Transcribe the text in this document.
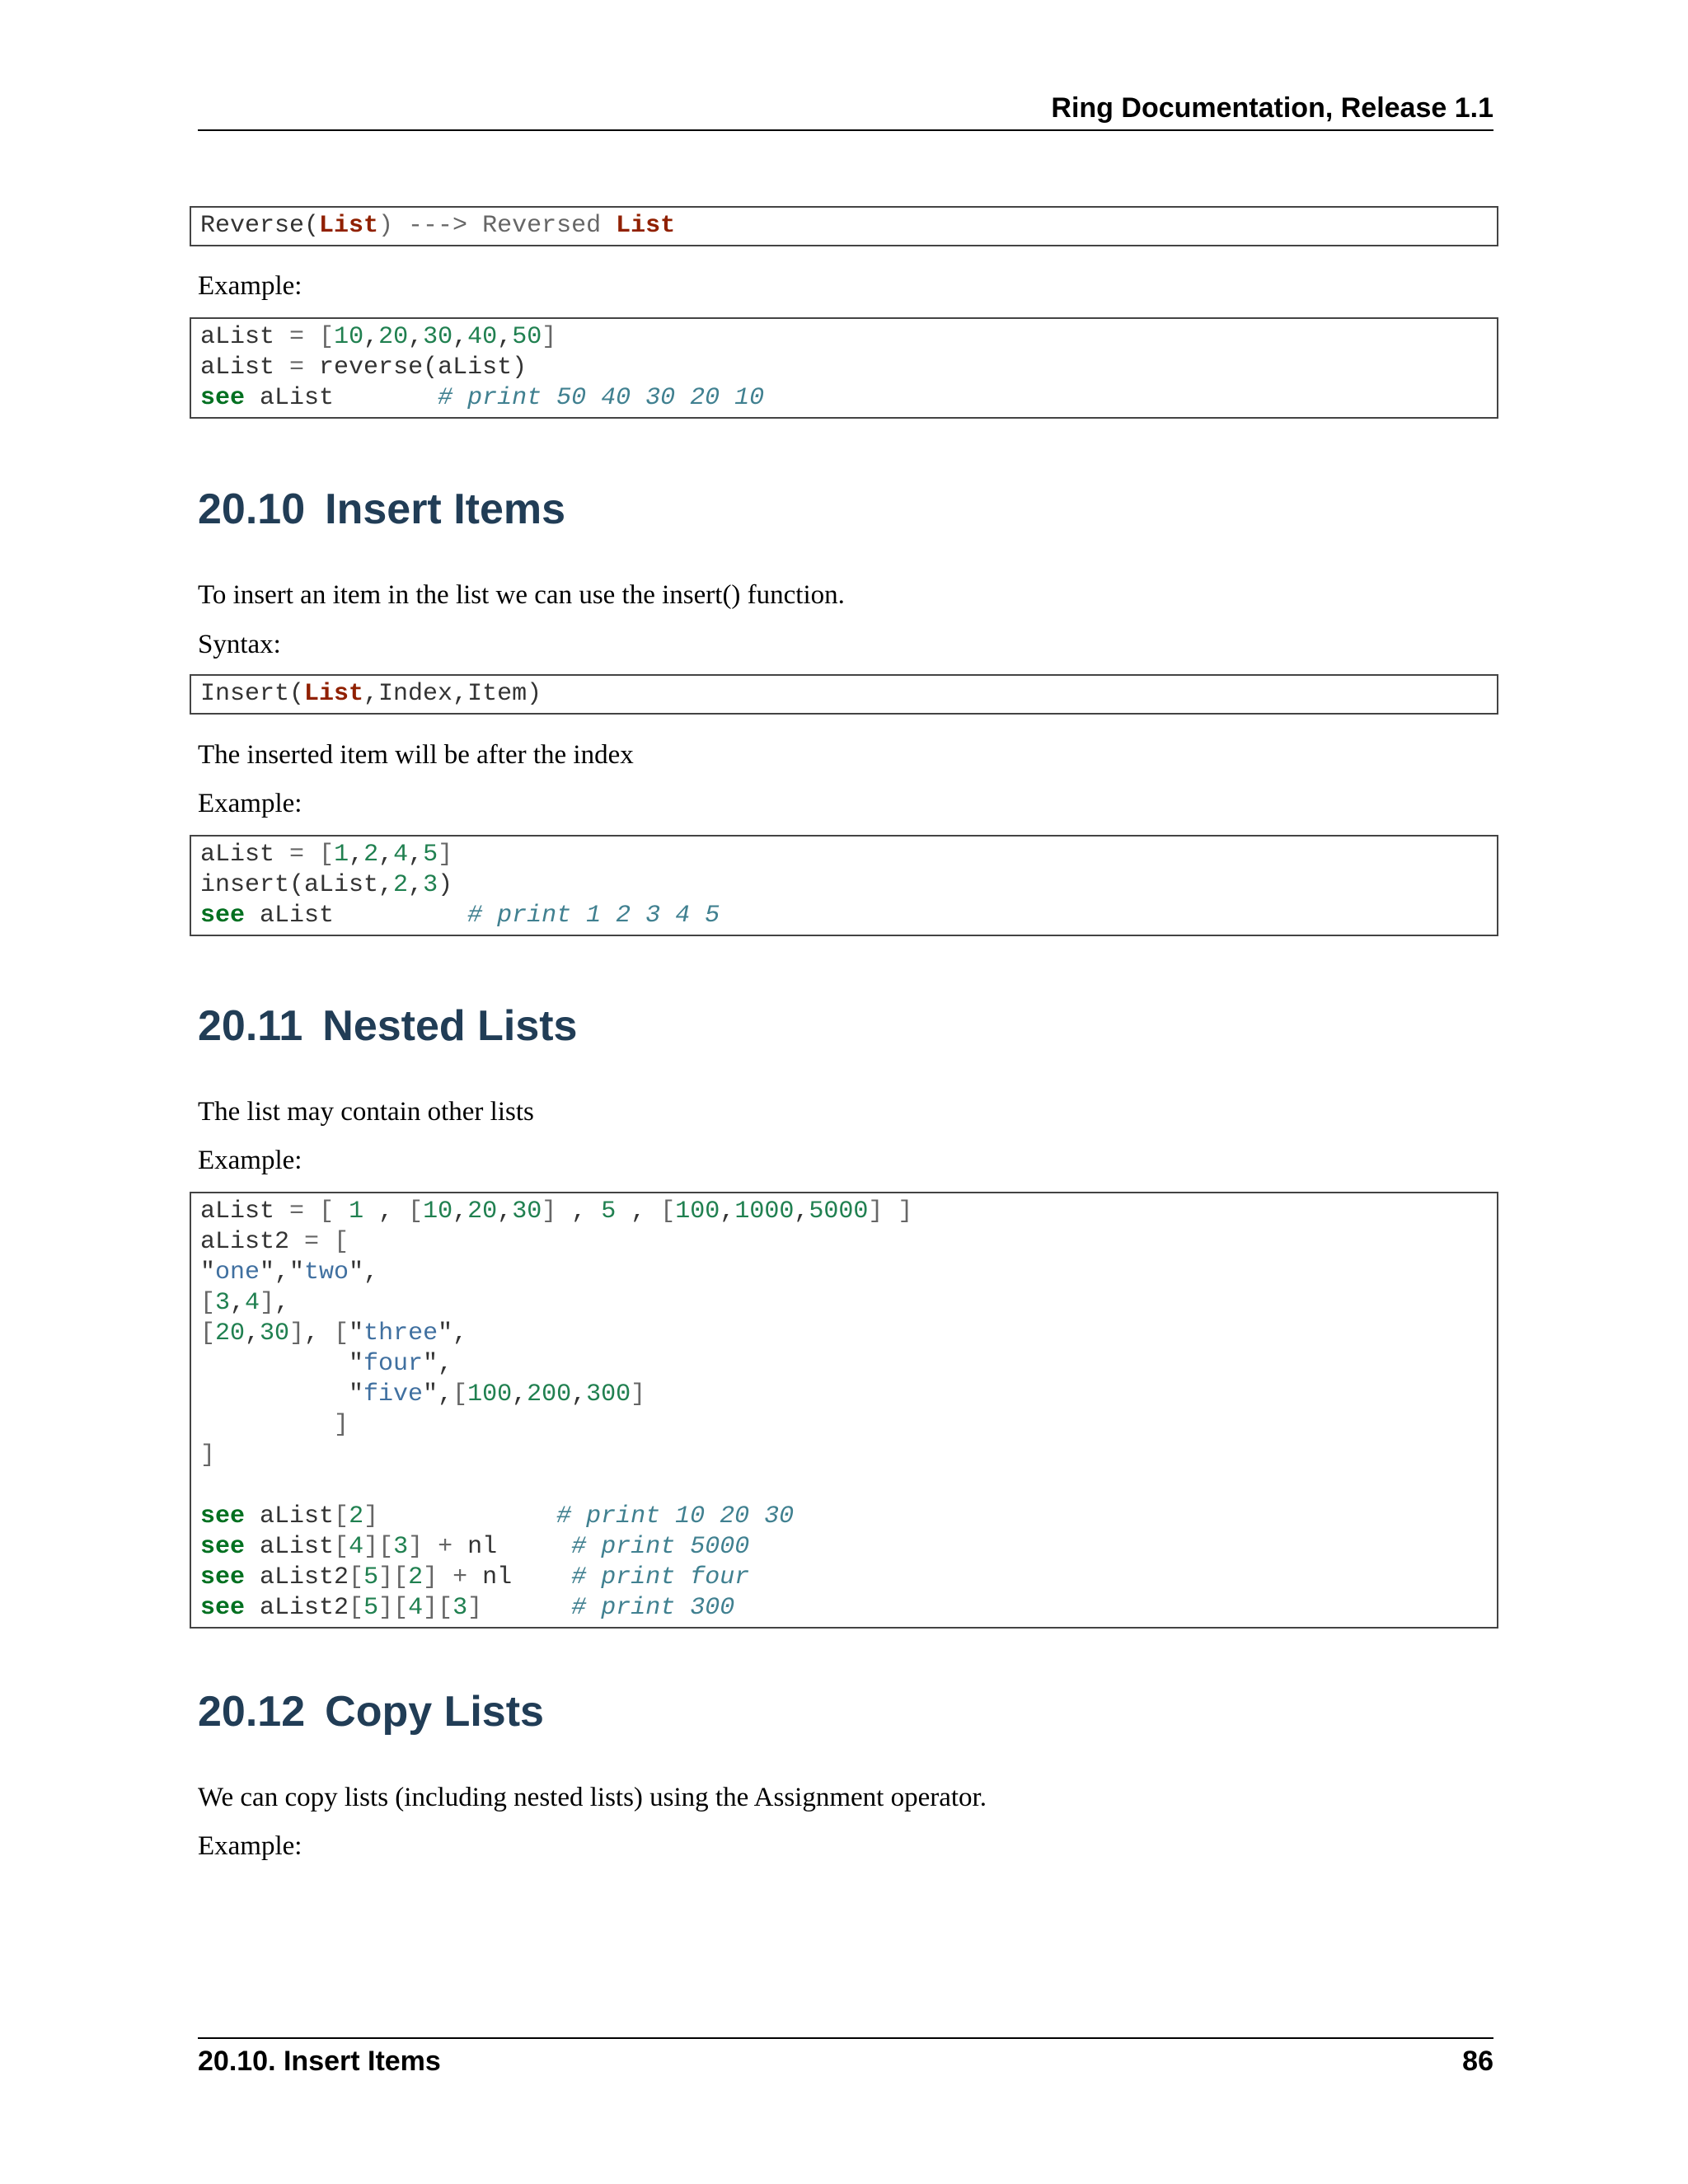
Ring Documentation, Release 1.1
Reverse(List) ---> Reversed List
Example:
aList = [10,20,30,40,50]
aList = reverse(aList)
see aList       # print 50 40 30 20 10
20.10 Insert Items
To insert an item in the list we can use the insert() function.
Syntax:
Insert(List,Index,Item)
The inserted item will be after the index
Example:
aList = [1,2,4,5]
insert(aList,2,3)
see aList         # print 1 2 3 4 5
20.11 Nested Lists
The list may contain other lists
Example:
aList = [ 1 , [10,20,30] , 5 , [100,1000,5000] ]
aList2 = [
"one","two",
[3,4],
[20,30], ["three",
"four",
"five",[100,200,300]
]
]

see aList[2]	# print 10 20 30
see aList[4][3] + nl     # print 5000
see aList2[5][2] + nl    # print four
see aList2[5][4][3]	# print 300
20.12 Copy Lists
We can copy lists (including nested lists) using the Assignment operator.
Example:
20.10. Insert Items	86
